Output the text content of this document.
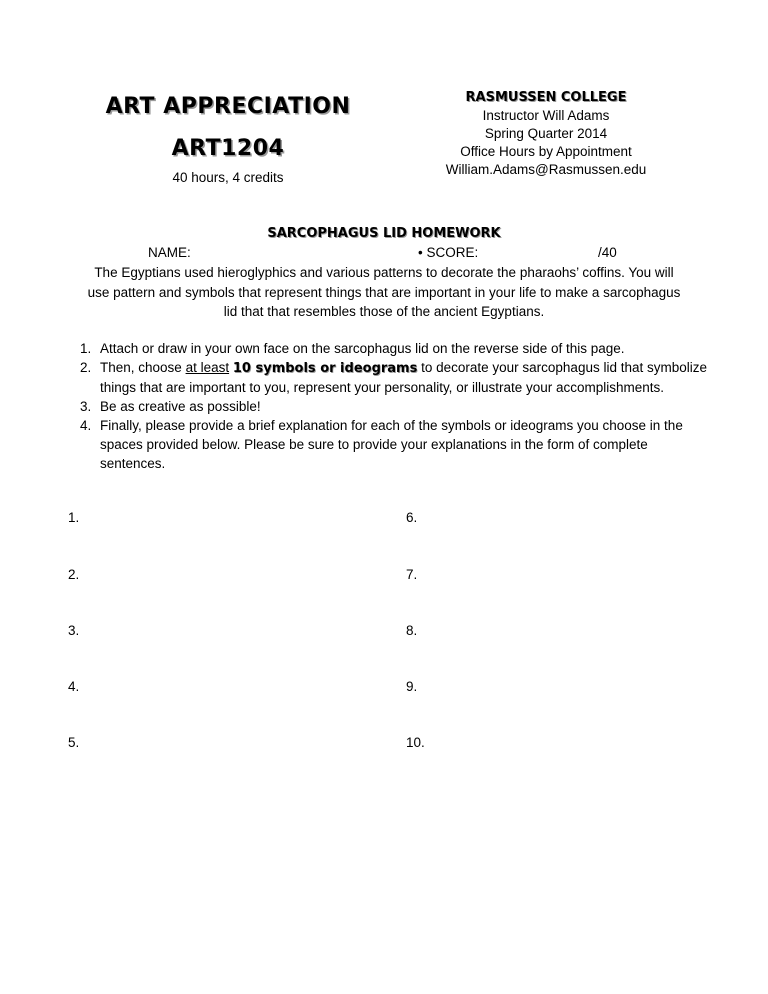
ART APPRECIATION
ART1204
40 hours, 4 credits
RASMUSSEN COLLEGE
Instructor Will Adams
Spring Quarter 2014
Office Hours by Appointment
William.Adams@Rasmussen.edu
SARCOPHAGUS LID HOMEWORK
NAME:	• SCORE:	/40
The Egyptians used hieroglyphics and various patterns to decorate the pharaohs’ coffins. You will
use pattern and symbols that represent things that are important in your life to make a sarcophagus
lid that that resembles those of the ancient Egyptians.
1. Attach or draw in your own face on the sarcophagus lid on the reverse side of this page.
2. Then, choose at least 10 symbols or ideograms to decorate your sarcophagus lid that symbolize things that are important to you, represent your personality, or illustrate your accomplishments.
3. Be as creative as possible!
4. Finally, please provide a brief explanation for each of the symbols or ideograms you choose in the spaces provided below. Please be sure to provide your explanations in the form of complete sentences.
1.
2.
3.
4.
5.
6.
7.
8.
9.
10.
